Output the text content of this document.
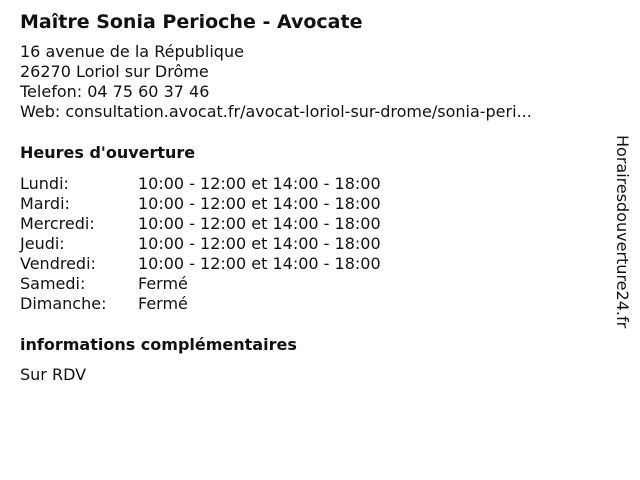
Maître Sonia Perioche - Avocate
16 avenue de la République
26270 Loriol sur Drôme
Telefon: 04 75 60 37 46
Web: consultation.avocat.fr/avocat-loriol-sur-drome/sonia-peri...
Heures d'ouverture
Lundi:	10:00 - 12:00 et 14:00 - 18:00
Mardi:	10:00 - 12:00 et 14:00 - 18:00
Mercredi:	10:00 - 12:00 et 14:00 - 18:00
Jeudi:	10:00 - 12:00 et 14:00 - 18:00
Vendredi:	10:00 - 12:00 et 14:00 - 18:00
Samedi:	Fermé
Dimanche:	Fermé
informations complémentaires
Sur RDV
Horairesdouverture24.fr
